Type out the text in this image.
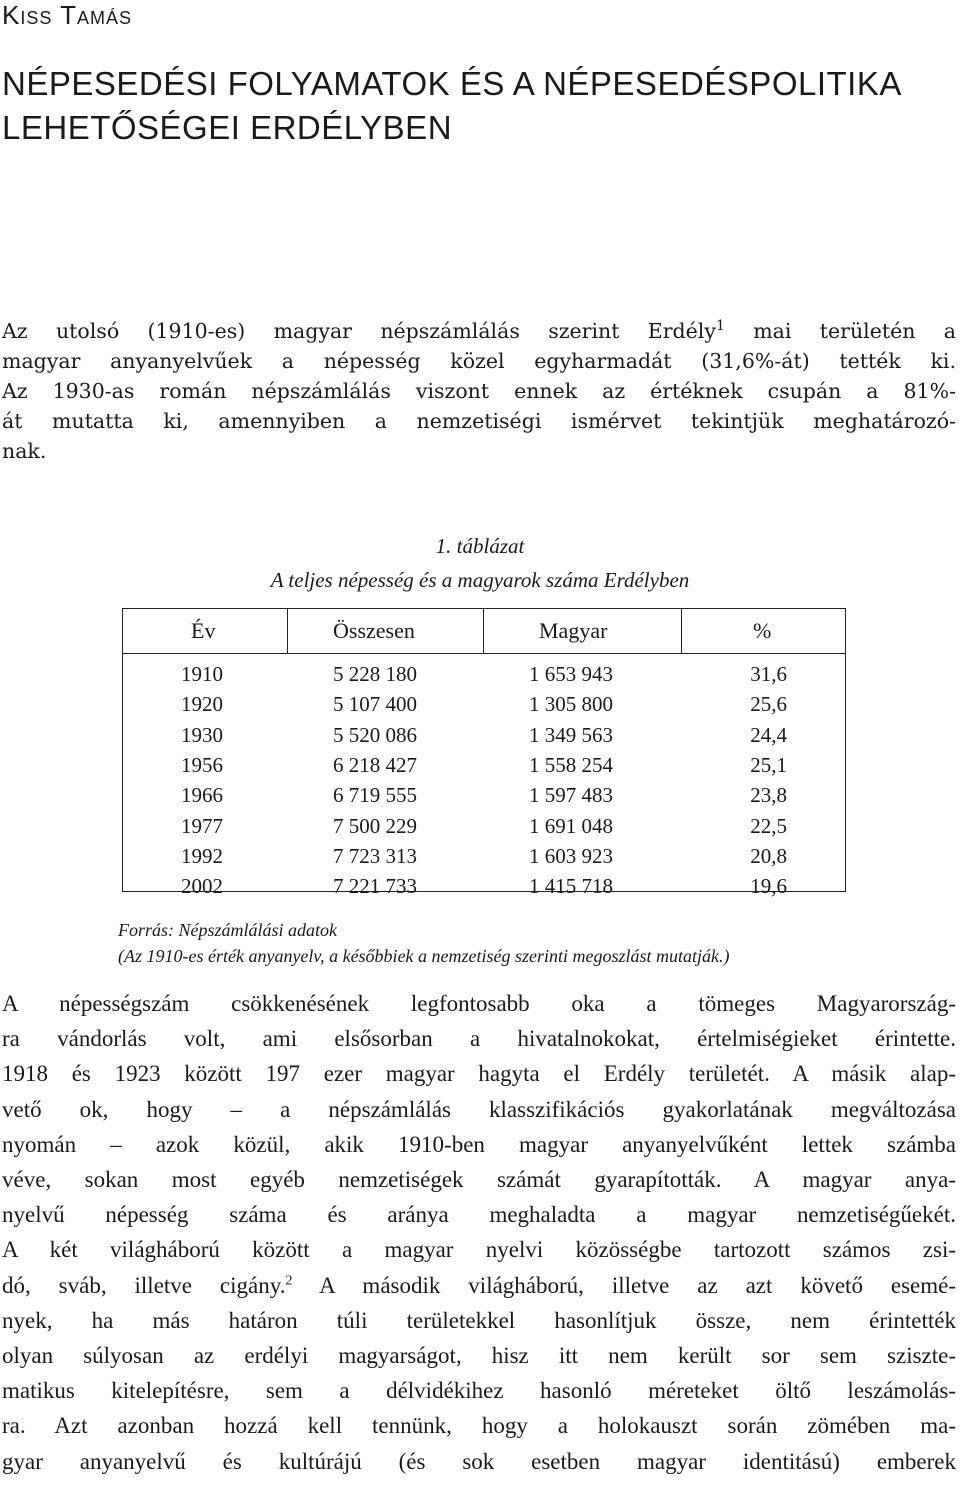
Kiss Tamás
NÉPESEDÉSI FOLYAMATOK ÉS A NÉPESEDÉSPOLITIKA
LEHETŐSÉGEI ERDÉLYBEN
Az utolsó (1910-es) magyar népszámlálás szerint Erdély$^1$ mai területén a
magyar anyanyelvűek a népesség közel egyharmadát (31,6%-át) tették ki.
Az 1930-as román népszámlálás viszont ennek az értéknek csupán a 81%-
át mutatta ki, amennyiben a nemzetiségi ismérvet tekintjük meghatározó-
nak.
1. táblázat
A teljes népesség és a magyarok száma Erdélyben
Év	Összesen	Magyar	%
1910	5 228 180	1 653 943	31,6
1920	5 107 400	1 305 800	25,6
1930	5 520 086	1 349 563	24,4
1956	6 218 427	1 558 254	25,1
1966	6 719 555	1 597 483	23,8
1977	7 500 229	1 691 048	22,5
1992	7 723 313	1 603 923	20,8
2002	7 221 733	1 415 718	19,6
Forrás: Népszámlálási adatok
(Az 1910-es érték anyanyelv, a későbbiek a nemzetiség szerinti megoszlást mutatják.)
A népességszám csökkenésének legfontosabb oka a tömeges Magyarország-
ra vándorlás volt, ami elsősorban a hivatalnokokat, értelmiségieket érintette.
1918 és 1923 között 197 ezer magyar hagyta el Erdély területét. A másik alap-
vető ok, hogy – a népszámlálás klasszifikációs gyakorlatának megváltozása
nyomán – azok közül, akik 1910-ben magyar anyanyelvűként lettek számba
véve, sokan most egyéb nemzetiségek számát gyarapították. A magyar anya-
nyelvű népesség száma és aránya meghaladta a magyar nemzetiségűekét.
A két világháború között a magyar nyelvi közösségbe tartozott számos zsi-
dó, sváb, illetve cigány.$^2$ A második világháború, illetve az azt követő esemé-
nyek, ha más határon túli területekkel hasonlítjuk össze, nem érintették
olyan súlyosan az erdélyi magyarságot, hisz itt nem került sor sem sziszte-
matikus kitelepítésre, sem a délvidékihez hasonló méreteket öltő leszámolás-
ra. Azt azonban hozzá kell tennünk, hogy a holokauszt során zömében ma-
gyar anyanyelvű és kultúrájú (és sok esetben magyar identitású) emberek
